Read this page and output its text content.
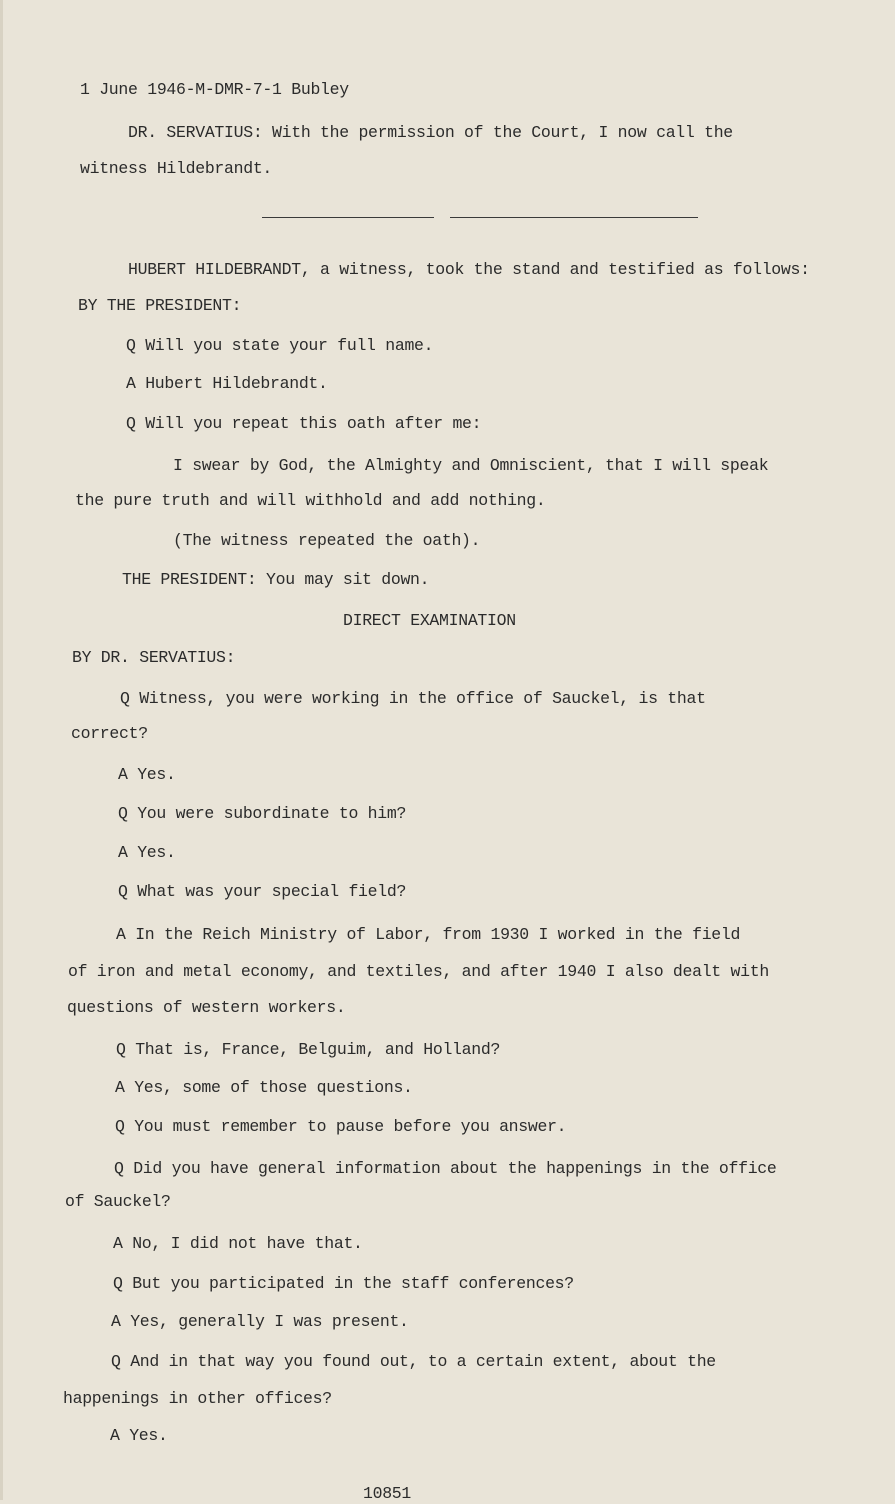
1 June 1946-M-DMR-7-1 Bubley
DR. SERVATIUS: With the permission of the Court, I now call the
witness Hildebrandt.
HUBERT HILDEBRANDT, a witness, took the stand and testified as follows:
BY THE PRESIDENT:
Q Will you state your full name.
A Hubert Hildebrandt.
Q Will you repeat this oath after me:
I swear by God, the Almighty and Omniscient, that I will speak
the pure truth and will withhold and add nothing.
(The witness repeated the oath).
THE PRESIDENT: You may sit down.
DIRECT EXAMINATION
BY DR. SERVATIUS:
Q Witness, you were working in the office of Sauckel, is that
correct?
A Yes.
Q You were subordinate to him?
A Yes.
Q What was your special field?
A In the Reich Ministry of Labor, from 1930 I worked in the field
of iron and metal economy, and textiles, and after 1940 I also dealt with
questions of western workers.
Q That is, France, Belguim, and Holland?
A Yes, some of those questions.
Q You must remember to pause before you answer.
Q Did you have general information about the happenings in the office
of Sauckel?
A No, I did not have that.
Q But you participated in the staff conferences?
A Yes, generally I was present.
Q And in that way you found out, to a certain extent, about the
happenings in other offices?
A Yes.
10851
